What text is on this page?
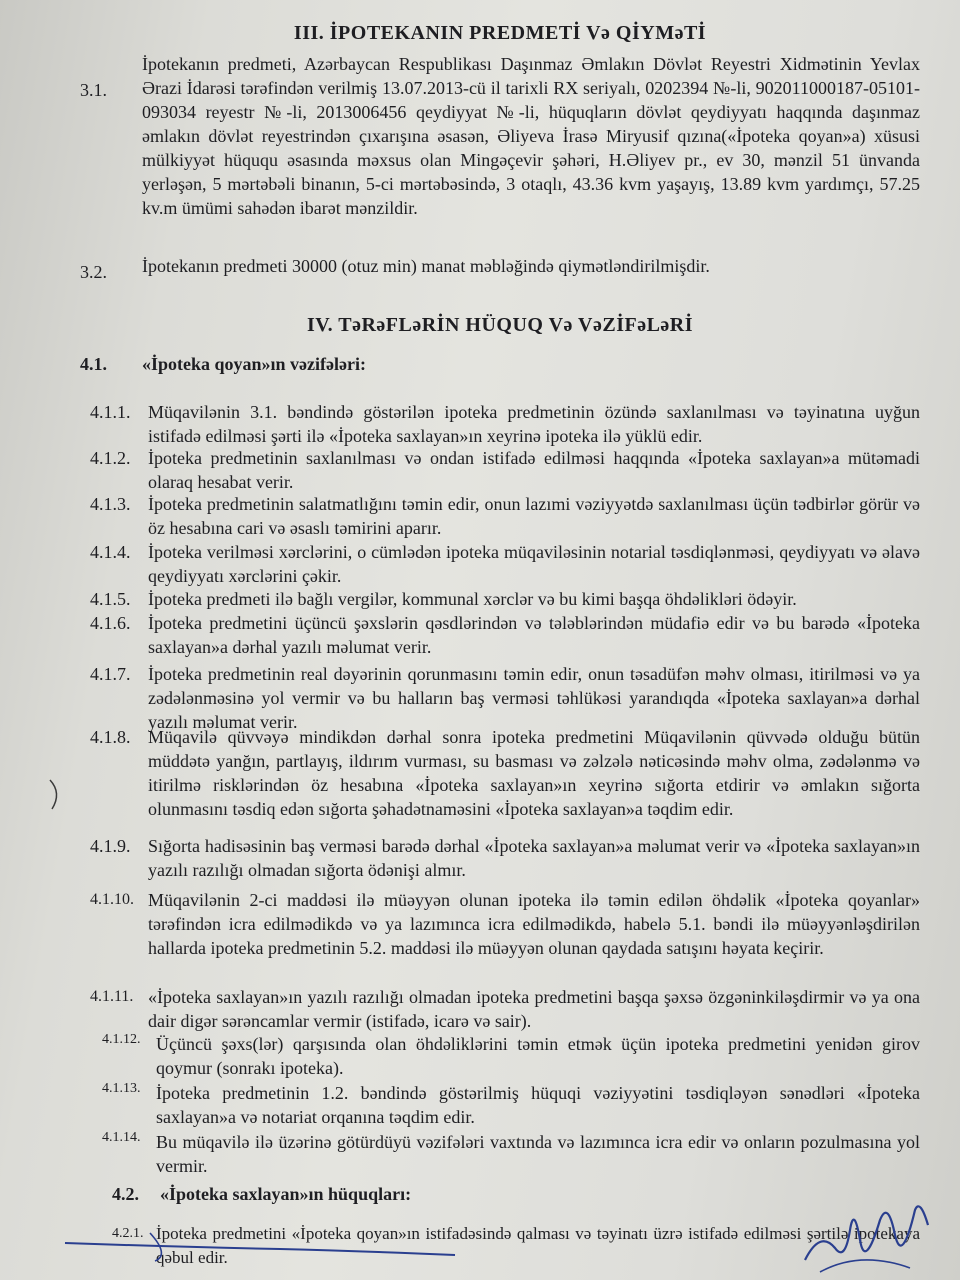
III. İPOTEKANIN PREDMETİ Və QİYMəTİ
3.1.
İpotekanın predmeti, Azərbaycan Respublikası Daşınmaz Əmlakın Dövlət Reyestri Xidmətinin Yevlax Ərazi İdarəsi tərəfindən verilmiş 13.07.2013-cü il tarixli RX seriyalı, 0202394 №-li, 902011000187-05101-093034 reyestr №-li, 2013006456 qeydiyyat №-li, hüquqların dövlət qeydiyyatı haqqında daşınmaz əmlakın dövlət reyestrindən çıxarışına əsasən, Əliyeva İrasə Miryusif qızına(«İpoteka qoyan»a) xüsusi mülkiyyət hüququ əsasında məxsus olan Mingəçevir şəhəri, H.Əliyev pr., ev 30, mənzil 51 ünvanda yerləşən, 5 mərtəbəli binanın, 5-ci mərtəbəsində, 3 otaqlı, 43.36 kvm yaşayış, 13.89 kvm yardımçı, 57.25 kv.m ümümi sahədən ibarət mənzildir.
3.2.	İpotekanın predmeti 30000 (otuz min) manat məbləğində qiymətləndirilmişdir.
IV. TəRəFLəRİN HÜQUQ Və VəZİFəLəRİ
4.1.	«İpoteka qoyan»ın vəzifələri:
4.1.1. Müqavilənin 3.1. bəndində göstərilən ipoteka predmetinin özündə saxlanılması və təyinatına uyğun istifadə edilməsi şərti ilə «İpoteka saxlayan»ın xeyrinə ipoteka ilə yüklü edir.
4.1.2. İpoteka predmetinin saxlanılması və ondan istifadə edilməsi haqqında «İpoteka saxlayan»a mütəmadi olaraq hesabat verir.
4.1.3. İpoteka predmetinin salatmatlığını təmin edir, onun lazımi vəziyyətdə saxlanılması üçün tədbirlər görür və öz hesabına cari və əsaslı təmirini aparır.
4.1.4. İpoteka verilməsi xərclərini, o cümlədən ipoteka müqaviləsinin notarial təsdiqlənməsi, qeydiyyatı və əlavə qeydiyyatı xərclərini çəkir.
4.1.5. İpoteka predmeti ilə bağlı vergilər, kommunal xərclər və bu kimi başqa öhdəlikləri ödəyir.
4.1.6. İpoteka predmetini üçüncü şəxslərin qəsdlərindən və tələblərindən müdafiə edir və bu barədə «İpoteka saxlayan»a dərhal yazılı məlumat verir.
4.1.7. İpoteka predmetinin real dəyərinin qorunmasını təmin edir, onun təsadüfən məhv olması, itirilməsi və ya zədələnməsinə yol vermir və bu halların baş verməsi təhlükəsi yarandıqda «İpoteka saxlayan»a dərhal yazılı məlumat verir.
4.1.8. Müqavilə qüvvəyə mindikdən dərhal sonra ipoteka predmetini Müqavilənin qüvvədə olduğu bütün müddətə yanğın, partlayış, ildırım vurması, su basması və zəlzələ nəticəsində məhv olma, zədələnmə və itirilmə risklərindən öz hesabına «İpoteka saxlayan»ın xeyrinə sığorta etdirir və əmlakın sığorta olunmasını təsdiq edən sığorta şəhadətnaməsini «İpoteka saxlayan»a təqdim edir.
4.1.9. Sığorta hadisəsinin baş verməsi barədə dərhal «İpoteka saxlayan»a məlumat verir və «İpoteka saxlayan»ın yazılı razılığı olmadan sığorta ödənişi almır.
4.1.10. Müqavilənin 2-ci maddəsi ilə müəyyən olunan ipoteka ilə təmin edilən öhdəlik «İpoteka qoyanlar» tərəfindən icra edilmədikdə və ya lazımınca icra edilmədikdə, habelə 5.1. bəndi ilə müəyyənləşdirilən hallarda ipoteka predmetinin 5.2. maddəsi ilə müəyyən olunan qaydada satışını həyata keçirir.
4.1.11. «İpoteka saxlayan»ın yazılı razılığı olmadan ipoteka predmetini başqa şəxsə özgəninkiləşdirmir və ya ona dair digər sərəncamlar vermir (istifadə, icarə və sair).
4.1.12. Üçüncü şəxs(lər) qarşısında olan öhdəliklərini təmin etmək üçün ipoteka predmetini yenidən girov qoymur (sonrakı ipoteka).
4.1.13. İpoteka predmetinin 1.2. bəndində göstərilmiş hüquqi vəziyyətini təsdiqləyən sənədləri «İpoteka saxlayan»a və notariat orqanına təqdim edir.
4.1.14. Bu müqavilə ilə üzərinə götürdüyü vəzifələri vaxtında və lazımınca icra edir və onların pozulmasına yol vermir.
4.2.	«İpoteka saxlayan»ın hüquqları:
4.2.1. İpoteka predmetini «İpoteka qoyan»ın istifadəsində qalması və təyinatı üzrə istifadə edilməsi şərtilə ipotekaya qəbul edir.
